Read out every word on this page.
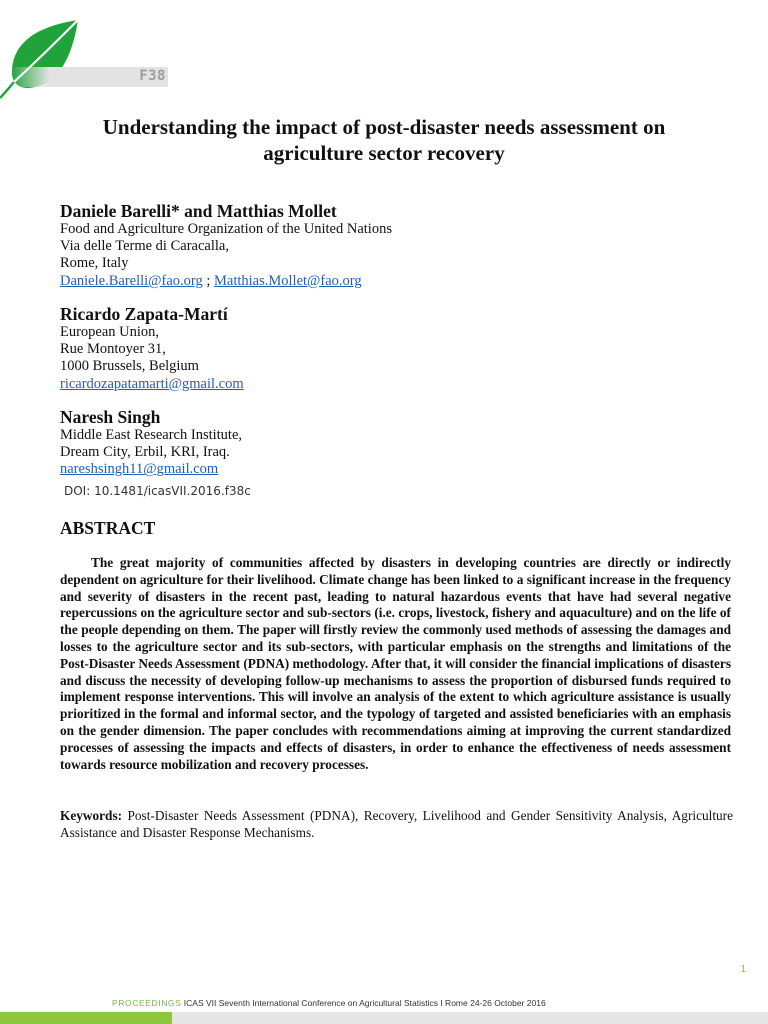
F38
Understanding the impact of post-disaster needs assessment on
agriculture sector recovery
Daniele Barelli* and Matthias Mollet
Food and Agriculture Organization of the United Nations
Via delle Terme di Caracalla,
Rome, Italy
Daniele.Barelli@fao.org ; Matthias.Mollet@fao.org
Ricardo Zapata-Martí
European Union,
Rue Montoyer 31,
1000 Brussels, Belgium
ricardozapatamarti@gmail.com
Naresh Singh
Middle East Research Institute,
Dream City, Erbil, KRI, Iraq.
nareshsingh11@gmail.com
DOI: 10.1481/icasVII.2016.f38c
ABSTRACT

The great majority of communities affected by disasters in developing countries are directly or indirectly dependent on agriculture for their livelihood. Climate change has been linked to a significant increase in the frequency and severity of disasters in the recent past, leading to natural hazardous events that have had several negative repercussions on the agriculture sector and sub-sectors (i.e. crops, livestock, fishery and aquaculture) and on the life of the people depending on them. The paper will firstly review the commonly used methods of assessing the damages and losses to the agriculture sector and its sub-sectors, with particular emphasis on the strengths and limitations of the Post-Disaster Needs Assessment (PDNA) methodology. After that, it will consider the financial implications of disasters and discuss the necessity of developing follow-up mechanisms to assess the proportion of disbursed funds required to implement response interventions. This will involve an analysis of the extent to which agriculture assistance is usually prioritized in the formal and informal sector, and the typology of targeted and assisted beneficiaries with an emphasis on the gender dimension. The paper concludes with recommendations aiming at improving the current standardized processes of assessing the impacts and effects of disasters, in order to enhance the effectiveness of needs assessment towards resource mobilization and recovery processes.

Keywords: Post-Disaster Needs Assessment (PDNA), Recovery, Livelihood and Gender Sensitivity Analysis, Agriculture Assistance and Disaster Response Mechanisms.

1
PROCEEDINGS ICAS VII Seventh International Conference on Agricultural Statistics I Rome 24-26 October 2016
